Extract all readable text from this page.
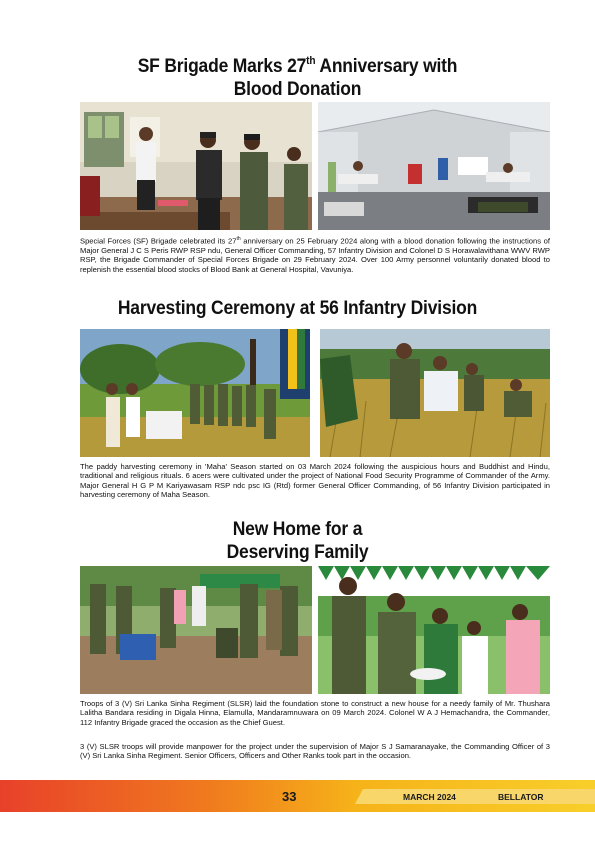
SF Brigade Marks 27th Anniversary with
Blood Donation
Special Forces (SF) Brigade celebrated its 27th anniversary on 25 February 2024 along with a blood donation following the instructions of Major General J C S Peris RWP RSP ndu, General Officer Commanding, 57 Infantry Division and Colonel D S Horawalavithana WWV RWP RSP, the Brigade Commander of Special Forces Brigade on 29 February 2024. Over 100 Army personnel voluntarily donated blood to replenish the essential blood stocks of Blood Bank at General Hospital, Vavuniya.
Harvesting Ceremony at 56 Infantry Division
The paddy harvesting ceremony in 'Maha' Season started on 03 March 2024 following the auspicious hours and Buddhist and Hindu, traditional and religious rituals. 6 acers were cultivated under the project of National Food Security Programme of Commander of the Army. Major General H G P M Kariyawasam RSP ndc psc IG (Rtd) former General Officer Commanding, of 56 Infantry Division participated in harvesting ceremony of Maha Season.
New Home for a
Deserving Family
Troops of 3 (V) Sri Lanka Sinha Regiment (SLSR) laid the foundation stone to construct a new house for a needy family of Mr. Thushara Lalitha Bandara residing in Digala Hinna, Elamulla, Mandaramnuwara on 09 March 2024. Colonel W A J Hemachandra, the Commander, 112 Infantry Brigade graced the occasion as the Chief Guest.
3 (V) SLSR troops will provide manpower for the project under the supervision of Major S J Samaranayake, the Commanding Officer of 3 (V) Sri Lanka Sinha Regiment. Senior Officers, Officers and Other Ranks took part in the occasion.
33	MARCH 2024	BELLATOR
